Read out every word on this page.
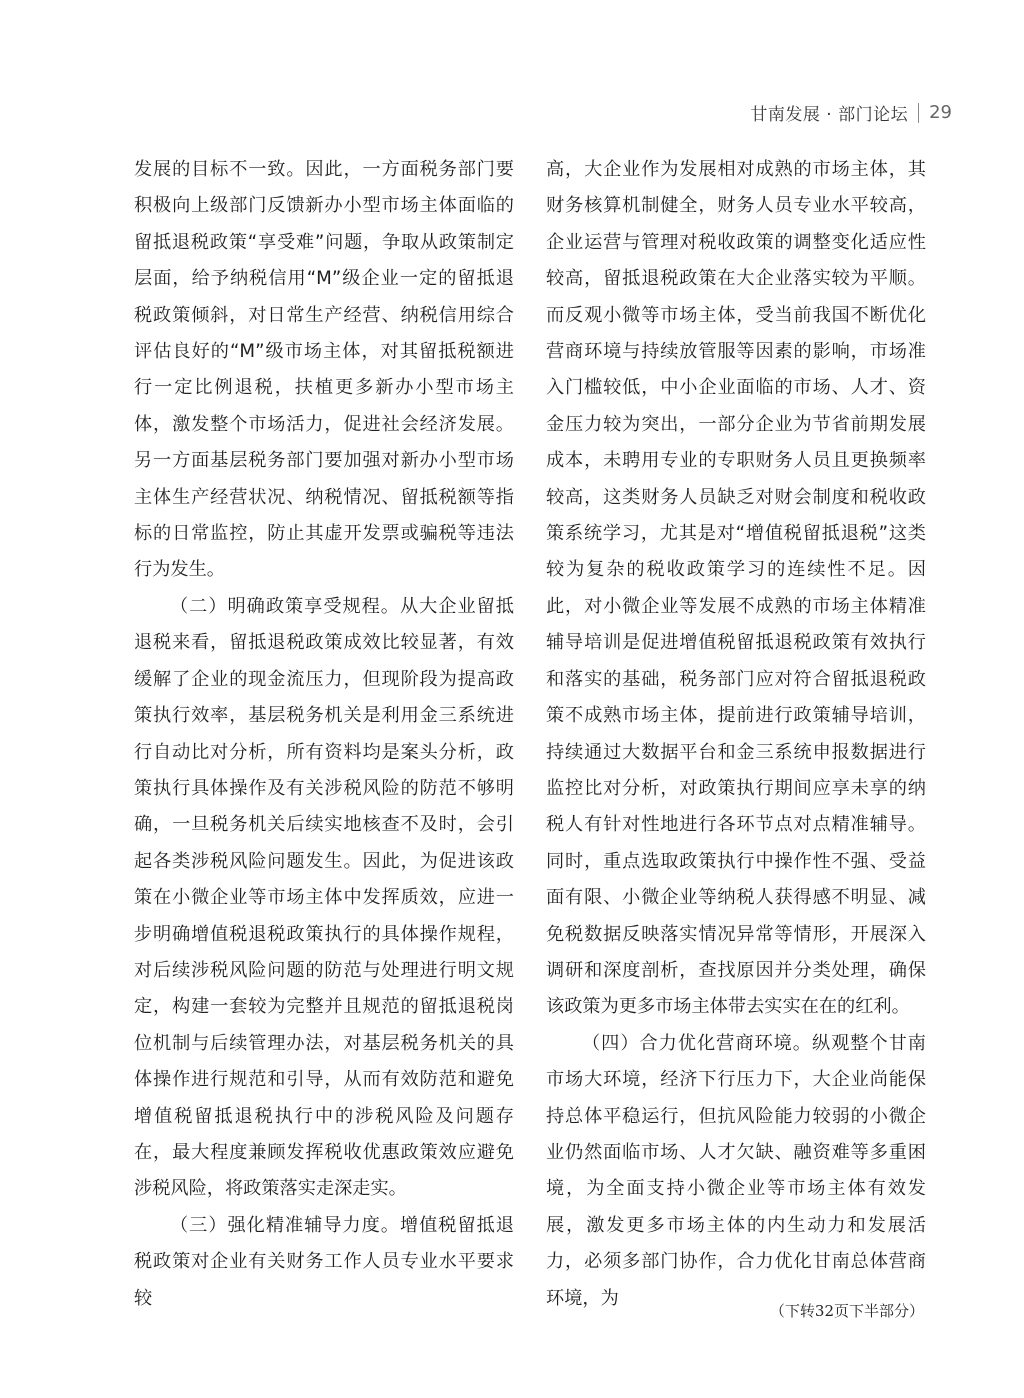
甘南发展 · 部门论坛 29

发展的目标不一致。因此，一方面税务部门要积极向上级部门反馈新办小型市场主体面临的留抵退税政策“享受难”问题，争取从政策制定层面，给予纳税信用“M”级企业一定的留抵退税政策倾斜，对日常生产经营、纳税信用综合评估良好的“M”级市场主体，对其留抵税额进行一定比例退税，扶植更多新办小型市场主体，激发整个市场活力，促进社会经济发展。另一方面基层税务部门要加强对新办小型市场主体生产经营状况、纳税情况、留抵税额等指标的日常监控，防止其虚开发票或骗税等违法行为发生。

（二）明确政策享受规程。从大企业留抵退税来看，留抵退税政策成效比较显著，有效缓解了企业的现金流压力，但现阶段为提高政策执行效率，基层税务机关是利用金三系统进行自动比对分析，所有资料均是案头分析，政策执行具体操作及有关涉税风险的防范不够明确，一旦税务机关后续实地核查不及时，会引起各类涉税风险问题发生。因此，为促进该政策在小微企业等市场主体中发挥质效，应进一步明确增值税退税政策执行的具体操作规程，对后续涉税风险问题的防范与处理进行明文规定，构建一套较为完整并且规范的留抵退税岗位机制与后续管理办法，对基层税务机关的具体操作进行规范和引导，从而有效防范和避免增值税留抵退税执行中的涉税风险及问题存在，最大程度兼顾发挥税收优惠政策效应避免涉税风险，将政策落实走深走实。

（三）强化精准辅导力度。增值税留抵退税政策对企业有关财务工作人员专业水平要求较

高，大企业作为发展相对成熟的市场主体，其财务核算机制健全，财务人员专业水平较高，企业运营与管理对税收政策的调整变化适应性较高，留抵退税政策在大企业落实较为平顺。而反观小微等市场主体，受当前我国不断优化营商环境与持续放管服等因素的影响，市场准入门槛较低，中小企业面临的市场、人才、资金压力较为突出，一部分企业为节省前期发展成本，未聘用专业的专职财务人员且更换频率较高，这类财务人员缺乏对财会制度和税收政策系统学习，尤其是对“增值税留抵退税”这类较为复杂的税收政策学习的连续性不足。因此，对小微企业等发展不成熟的市场主体精准辅导培训是促进增值税留抵退税政策有效执行和落实的基础，税务部门应对符合留抵退税政策不成熟市场主体，提前进行政策辅导培训，持续通过大数据平台和金三系统申报数据进行监控比对分析，对政策执行期间应享未享的纳税人有针对性地进行各环节点对点精准辅导。同时，重点选取政策执行中操作性不强、受益面有限、小微企业等纳税人获得感不明显、减免税数据反映落实情况异常等情形，开展深入调研和深度剖析，查找原因并分类处理，确保该政策为更多市场主体带去实实在在的红利。

（四）合力优化营商环境。纵观整个甘南市场大环境，经济下行压力下，大企业尚能保持总体平稳运行，但抗风险能力较弱的小微企业仍然面临市场、人才欠缺、融资难等多重困境，为全面支持小微企业等市场主体有效发展，激发更多市场主体的内生动力和发展活力，必须多部门协作，合力优化甘南总体营商环境，为

（下转32页下半部分）
